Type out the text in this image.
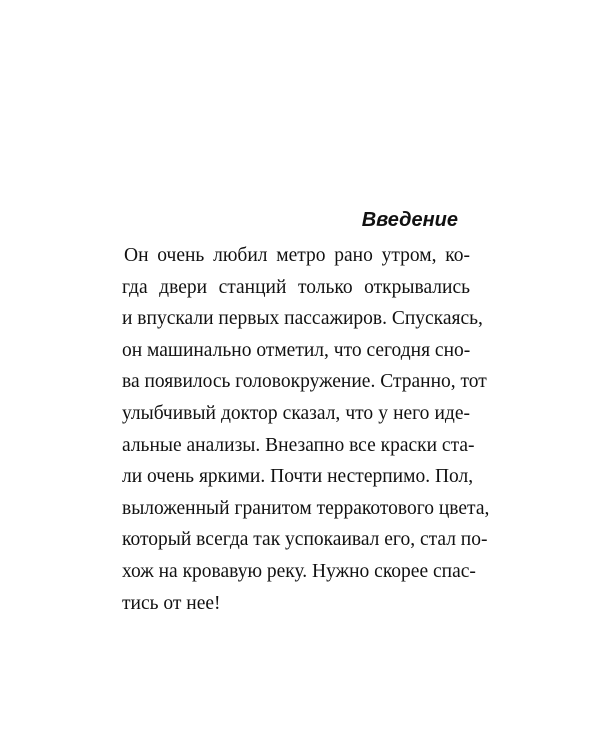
Введение
Он очень любил метро рано утром, ко-
гда двери станций только открывались
и впускали первых пассажиров. Спускаясь,
он машинально отметил, что сегодня сно-
ва появилось головокружение. Странно, тот
улыбчивый доктор сказал, что у него иде-
альные анализы. Внезапно все краски ста-
ли очень яркими. Почти нестерпимо. Пол,
выложенный гранитом терракотового цвета,
который всегда так успокаивал его, стал по-
хож на кровавую реку. Нужно скорее спас-
тись от нее!
